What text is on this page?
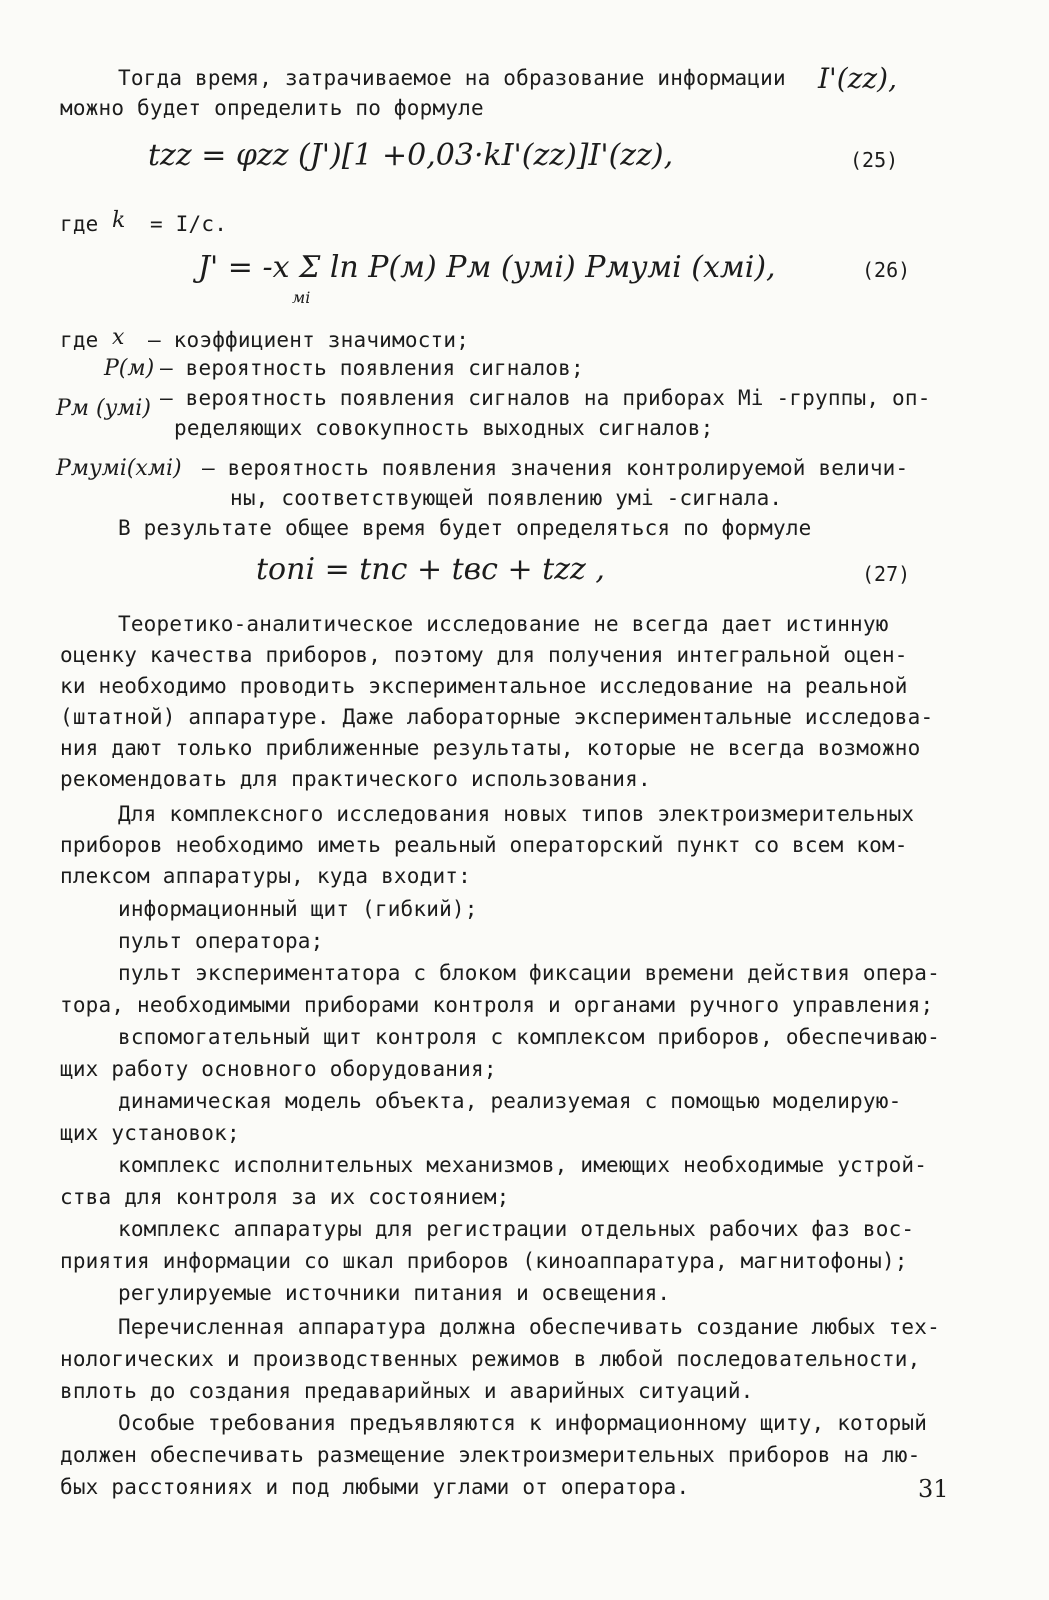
Тогда время, затрачиваемое на образование информации I'(zz),
можно будет определить по формуле
tzz = φzz (J')[1 +0,03·kI'(zz)]I'(zz),	(25)
где k = I/c.
J' = -x Σ ln P(м) Pм (yмi) Pмyмi (xмi),
мi
(26)
где x – коэффициент значимости;
P(м) – вероятность появления сигналов;
Pм (yмi) – вероятность появления сигналов на приборах Мi -группы, оп-
ределяющих совокупность выходных сигналов;
Pмyмi(xмi) – вероятность появления значения контролируемой величи-
ны, соответствующей появлению yмi -сигнала.
В результате общее время будет определяться по формуле
toni = tпс + tвс + tzz ,	(27)
Теоретико-аналитическое исследование не всегда дает истинную
оценку качества приборов, поэтому для получения интегральной оцен-
ки необходимо проводить экспериментальное исследование на реальной
(штатной) аппаратуре. Даже лабораторные экспериментальные исследова-
ния дают только приближенные результаты, которые не всегда возможно
рекомендовать для практического использования.
Для комплексного исследования новых типов электроизмерительных
приборов необходимо иметь реальный операторский пункт со всем ком-
плексом аппаратуры, куда входит:
информационный щит (гибкий);
пульт оператора;
пульт экспериментатора с блоком фиксации времени действия опера-
тора, необходимыми приборами контроля и органами ручного управления;
вспомогательный щит контроля с комплексом приборов, обеспечиваю-
щих работу основного оборудования;
динамическая модель объекта, реализуемая с помощью моделирую-
щих установок;
комплекс исполнительных механизмов, имеющих необходимые устрой-
ства для контроля за их состоянием;
комплекс аппаратуры для регистрации отдельных рабочих фаз вос-
приятия информации со шкал приборов (киноаппаратура, магнитофоны);
регулируемые источники питания и освещения.
Перечисленная аппаратура должна обеспечивать создание любых тех-
нологических и производственных режимов в любой последовательности,
вплоть до создания предаварийных и аварийных ситуаций.
Особые требования предъявляются к информационному щиту, который
должен обеспечивать размещение электроизмерительных приборов на лю-
бых расстояниях и под любыми углами от оператора.	31
